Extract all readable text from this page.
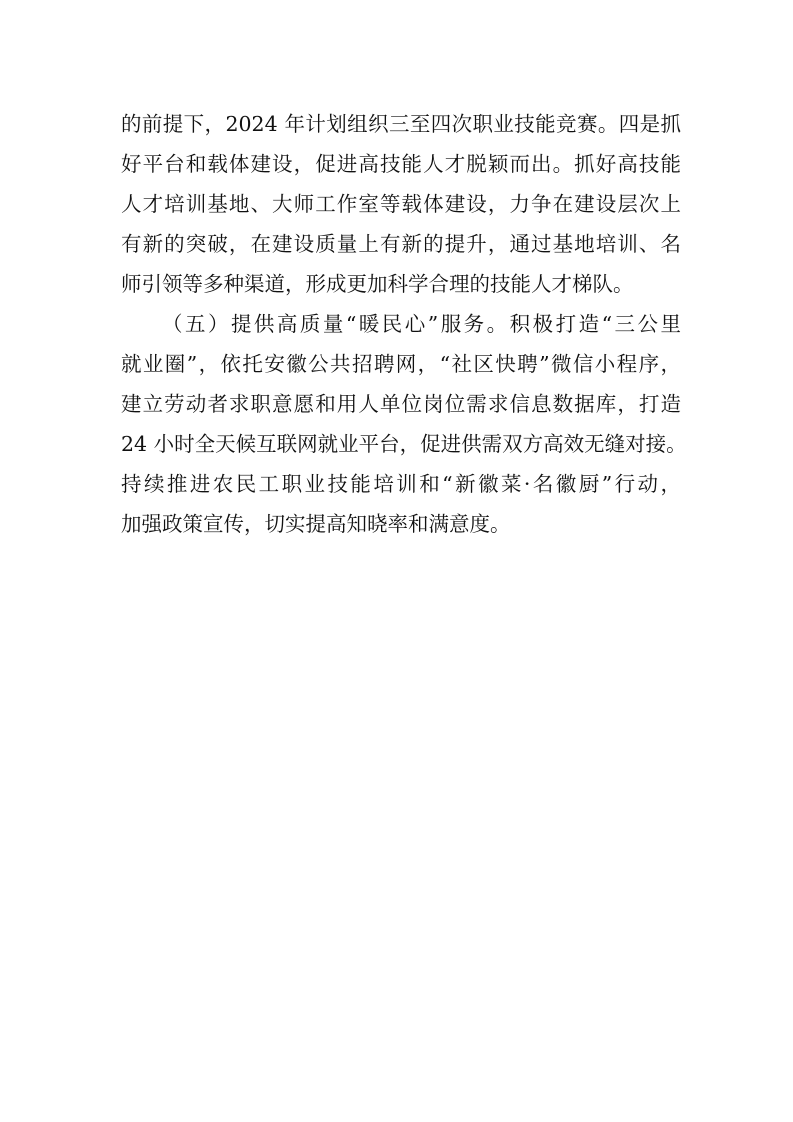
的前提下，2024 年计划组织三至四次职业技能竞赛。四是抓
好平台和载体建设，促进高技能人才脱颖而出。抓好高技能
人才培训基地、大师工作室等载体建设，力争在建设层次上
有新的突破，在建设质量上有新的提升，通过基地培训、名
师引领等多种渠道，形成更加科学合理的技能人才梯队。
（五）提供高质量“暖民心”服务。积极打造“三公里
就业圈”，依托安徽公共招聘网，“社区快聘”微信小程序，
建立劳动者求职意愿和用人单位岗位需求信息数据库，打造
24 小时全天候互联网就业平台，促进供需双方高效无缝对接。
持续推进农民工职业技能培训和“新徽菜·名徽厨”行动，
加强政策宣传，切实提高知晓率和满意度。
